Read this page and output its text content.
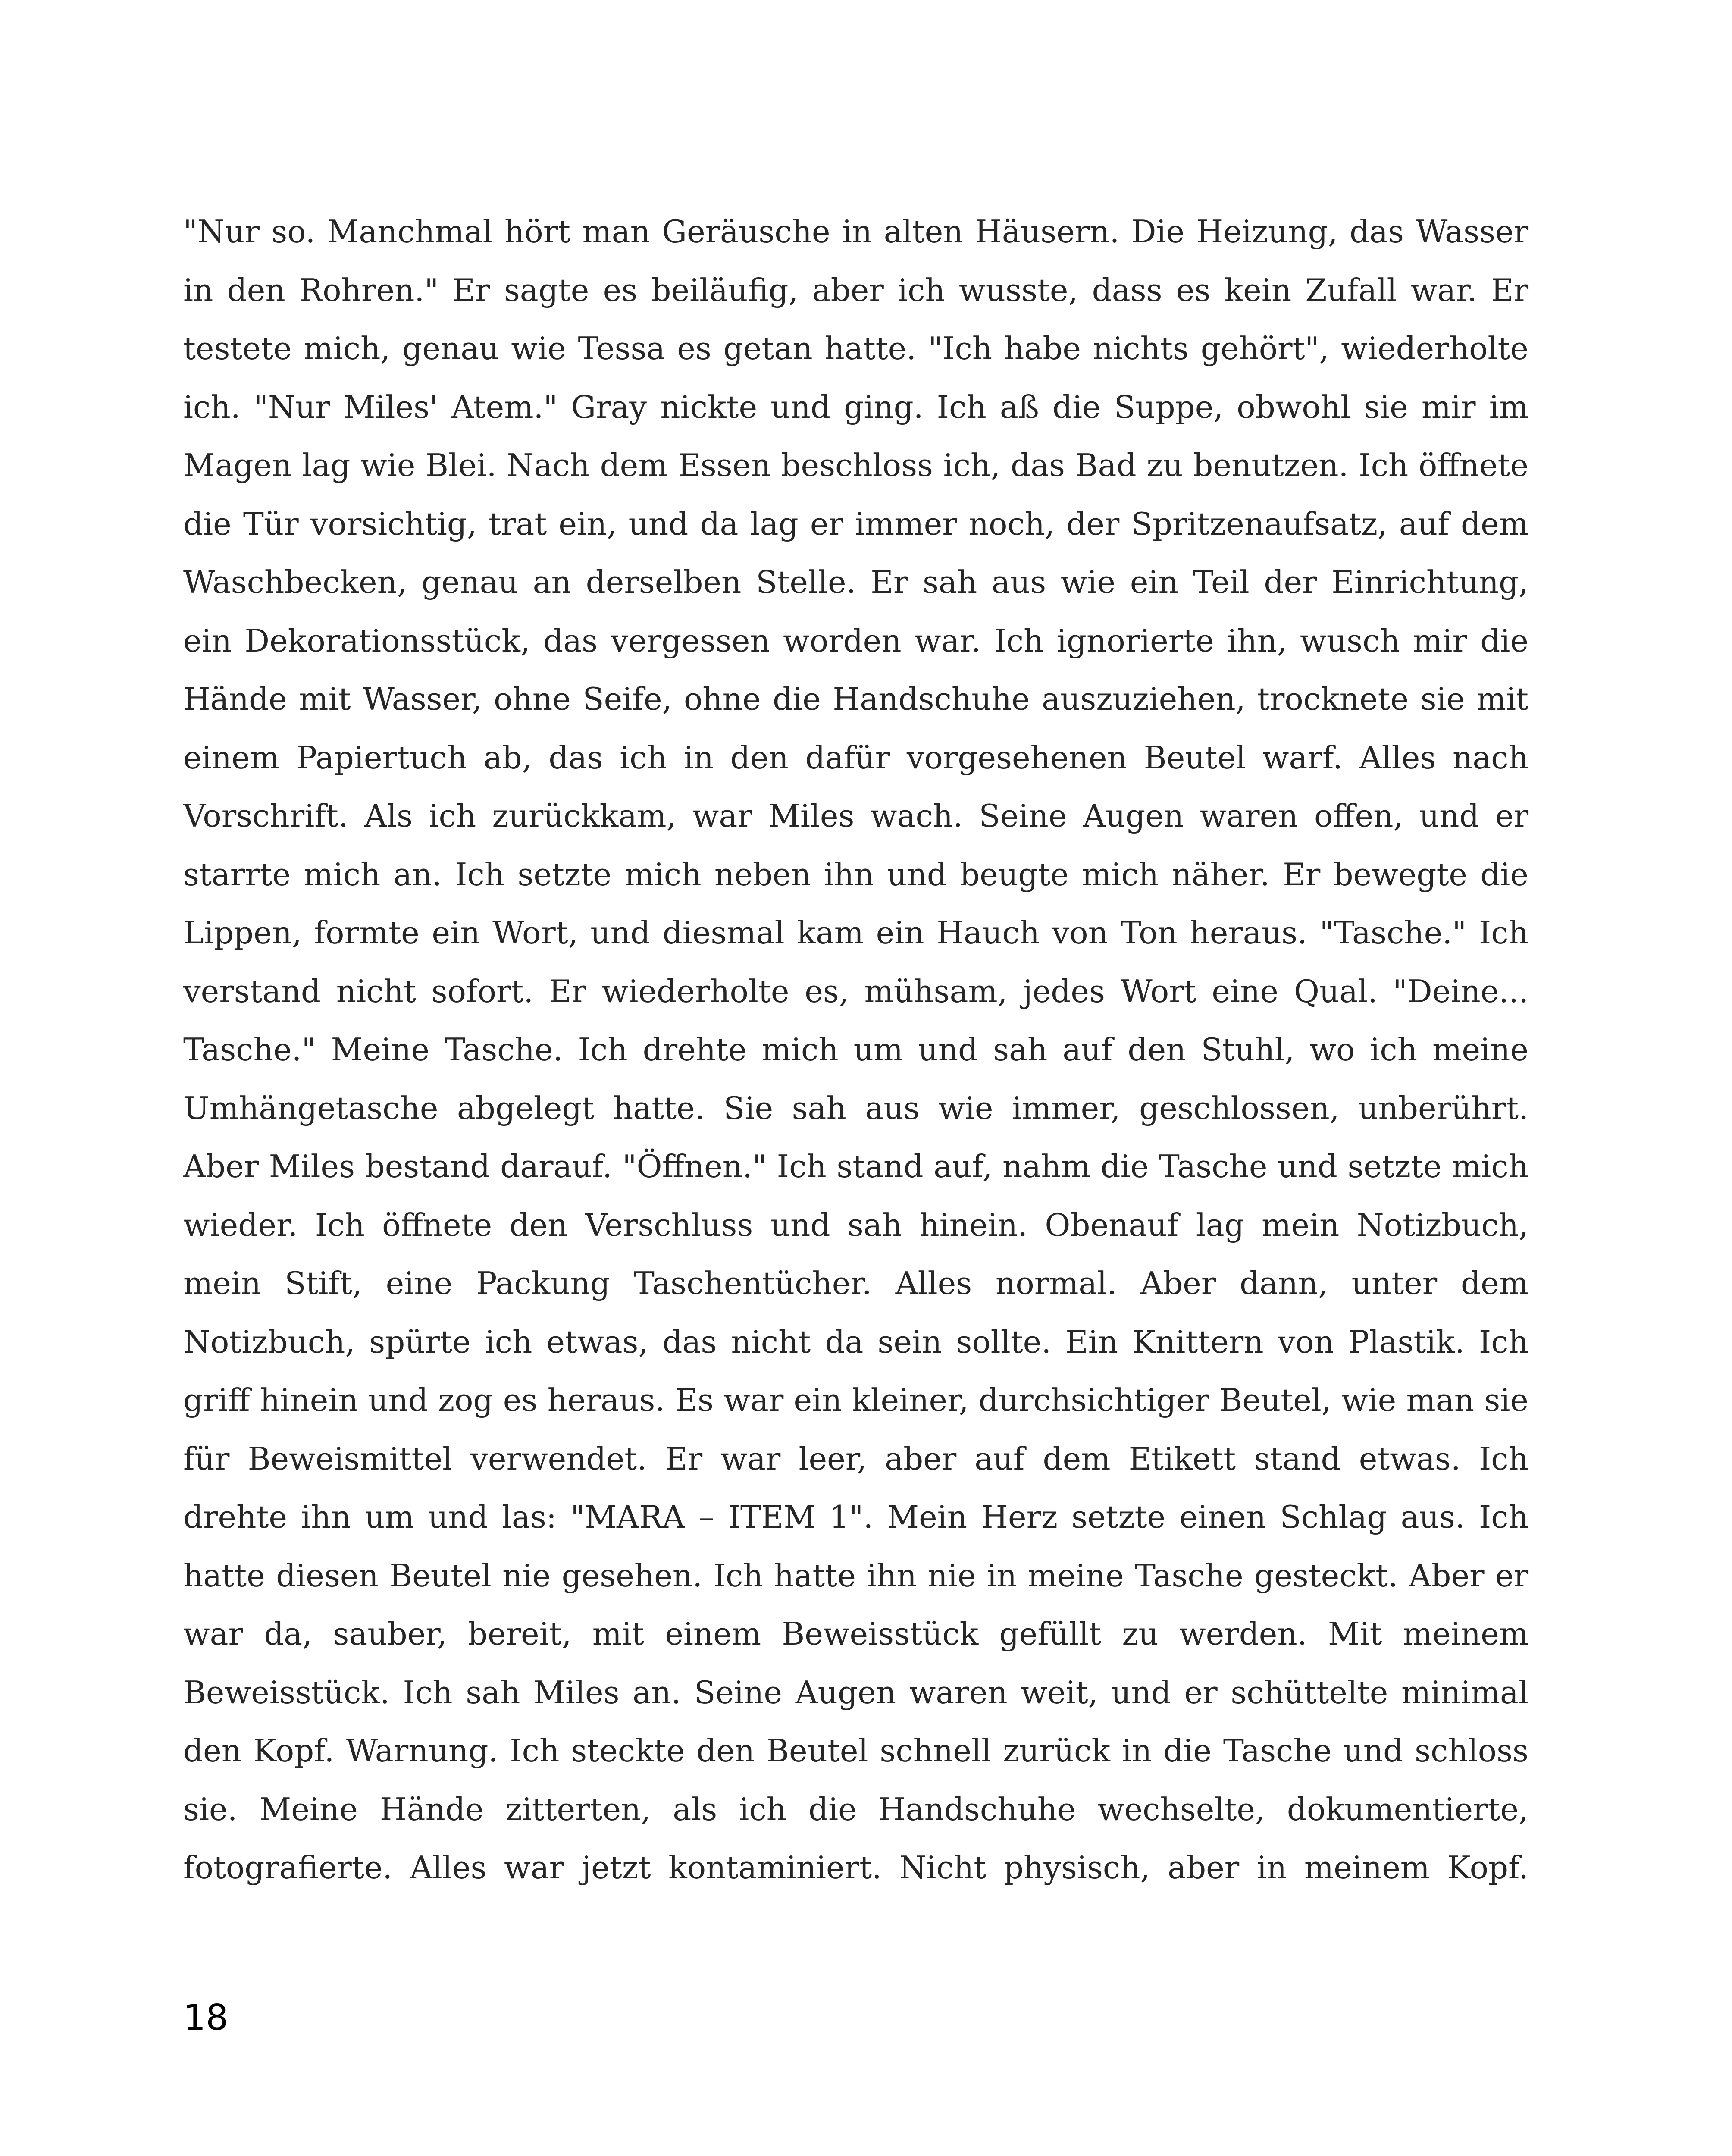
"Nur so. Manchmal hört man Geräusche in alten Häusern. Die Heizung, das Wasser in den Rohren." Er sagte es beiläufig, aber ich wusste, dass es kein Zufall war. Er testete mich, genau wie Tessa es getan hatte. "Ich habe nichts gehört", wiederholte ich. "Nur Miles' Atem." Gray nickte und ging. Ich aß die Suppe, obwohl sie mir im Magen lag wie Blei. Nach dem Essen beschloss ich, das Bad zu benutzen. Ich öffnete die Tür vorsichtig, trat ein, und da lag er immer noch, der Spritzenaufsatz, auf dem Waschbecken, genau an derselben Stelle. Er sah aus wie ein Teil der Einrichtung, ein Dekorationsstück, das vergessen worden war. Ich ignorierte ihn, wusch mir die Hände mit Wasser, ohne Seife, ohne die Handschuhe auszuziehen, trocknete sie mit einem Papiertuch ab, das ich in den dafür vorgesehenen Beutel warf. Alles nach Vorschrift. Als ich zurückkam, war Miles wach. Seine Augen waren offen, und er starrte mich an. Ich setzte mich neben ihn und beugte mich näher. Er bewegte die Lippen, formte ein Wort, und diesmal kam ein Hauch von Ton heraus. "Tasche." Ich verstand nicht sofort. Er wiederholte es, mühsam, jedes Wort eine Qual. "Deine... Tasche." Meine Tasche. Ich drehte mich um und sah auf den Stuhl, wo ich meine Umhängetasche abgelegt hatte. Sie sah aus wie immer, geschlossen, unberührt. Aber Miles bestand darauf. "Öffnen." Ich stand auf, nahm die Tasche und setzte mich wieder. Ich öffnete den Verschluss und sah hinein. Obenauf lag mein Notizbuch, mein Stift, eine Packung Taschentücher. Alles normal. Aber dann, unter dem Notizbuch, spürte ich etwas, das nicht da sein sollte. Ein Knittern von Plastik. Ich griff hinein und zog es heraus. Es war ein kleiner, durchsichtiger Beutel, wie man sie für Beweismittel verwendet. Er war leer, aber auf dem Etikett stand etwas. Ich drehte ihn um und las: "MARA – ITEM 1". Mein Herz setzte einen Schlag aus. Ich hatte diesen Beutel nie gesehen. Ich hatte ihn nie in meine Tasche gesteckt. Aber er war da, sauber, bereit, mit einem Beweisstück gefüllt zu werden. Mit meinem Beweisstück. Ich sah Miles an. Seine Augen waren weit, und er schüttelte minimal den Kopf. Warnung. Ich steckte den Beutel schnell zurück in die Tasche und schloss sie. Meine Hände zitterten, als ich die Handschuhe wechselte, dokumentierte, fotografierte. Alles war jetzt kontaminiert. Nicht physisch, aber in meinem Kopf.

18
